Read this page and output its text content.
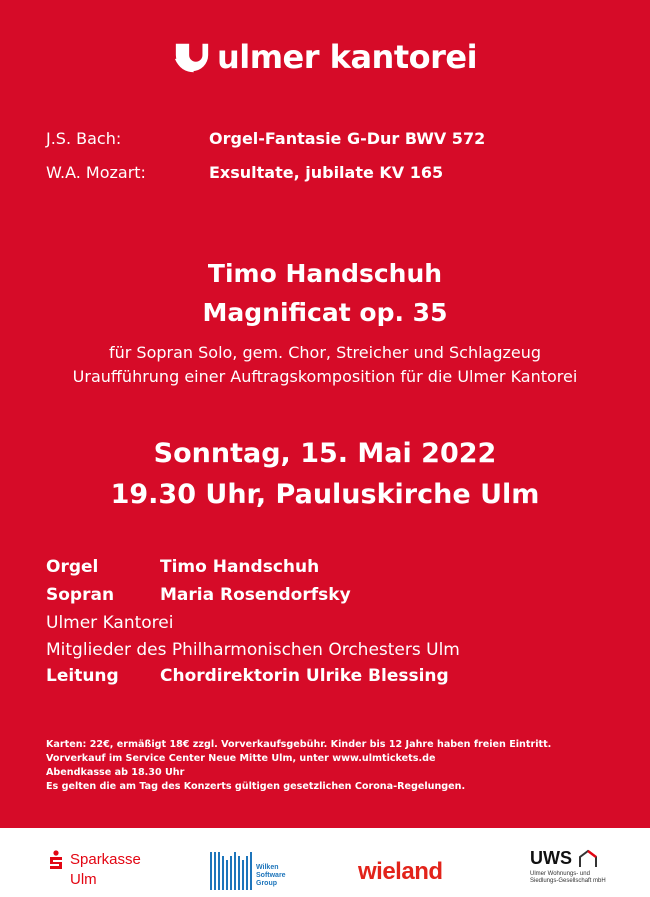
ulmer kantorei
J.S. Bach:	Orgel-Fantasie G-Dur BWV 572
W.A. Mozart:	Exsultate, jubilate KV 165
Timo Handschuh
Magnificat op. 35
für Sopran Solo, gem. Chor, Streicher und Schlagzeug
Uraufführung einer Auftragskomposition für die Ulmer Kantorei
Sonntag, 15. Mai 2022
19.30 Uhr, Pauluskirche Ulm
Orgel	Timo Handschuh
Sopran	Maria Rosendorfsky
Ulmer Kantorei
Mitglieder des Philharmonischen Orchesters Ulm
Leitung	Chordirektorin Ulrike Blessing
Karten: 22€, ermäßigt 18€ zzgl. Vorverkaufsgebühr. Kinder bis 12 Jahre haben freien Eintritt.
Vorverkauf im Service Center Neue Mitte Ulm, unter www.ulmtickets.de
Abendkasse ab 18.30 Uhr
Es gelten die am Tag des Konzerts gültigen gesetzlichen Corona-Regelungen.
Sparkasse
Ulm
Wilken
Software
Group	wieland	UWS
Ulmer Wohnungs- und
Siedlungs-Gesellschaft mbH
